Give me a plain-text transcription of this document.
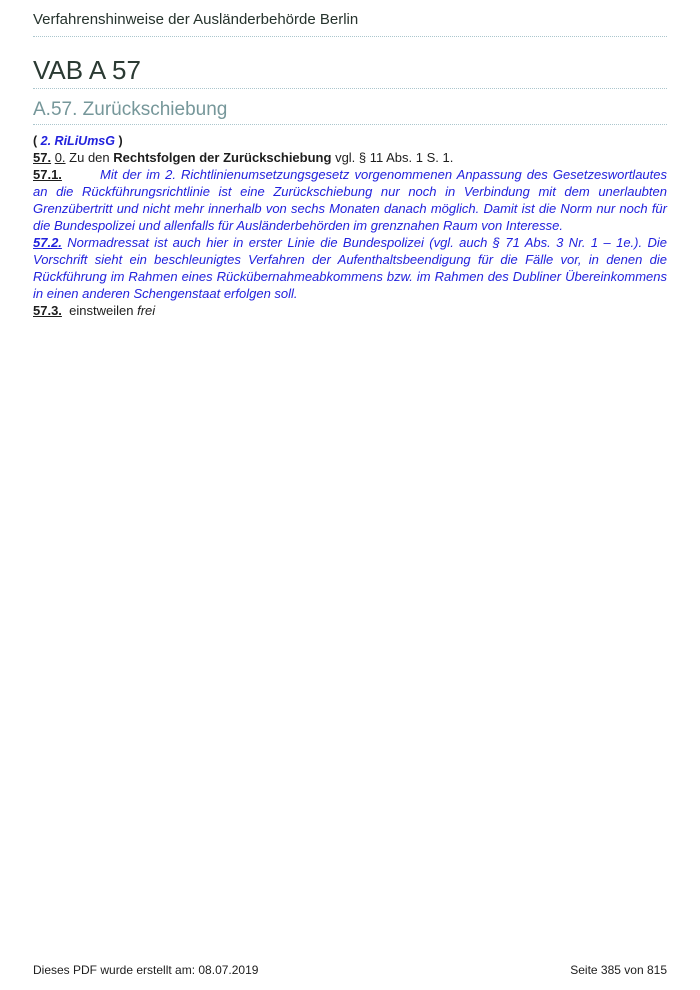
Verfahrenshinweise der Ausländerbehörde Berlin
VAB A 57
A.57. Zurückschiebung
( 2. RiLiUmsG )

57. 0. Zu den Rechtsfolgen der Zurückschiebung vgl. § 11 Abs. 1 S. 1.

57.1.	Mit der im 2. Richtlinienumsetzungsgesetz vorgenommenen Anpassung des Gesetzeswortlautes an die Rückführungsrichtlinie ist eine Zurückschiebung nur noch in Verbindung mit dem unerlaubten Grenzübertritt und nicht mehr innerhalb von sechs Monaten danach möglich. Damit ist die Norm nur noch für die Bundespolizei und allenfalls für Ausländerbehörden im grenznahen Raum von Interesse.

57.2. Normadressat ist auch hier in erster Linie die Bundespolizei (vgl. auch § 71 Abs. 3 Nr. 1 – 1e.). Die Vorschrift sieht ein beschleunigtes Verfahren der Aufenthaltsbeendigung für die Fälle vor, in denen die Rückführung im Rahmen eines Rückübernahmeabkommens bzw. im Rahmen des Dubliner Übereinkommens in einen anderen Schengenstaat erfolgen soll.

57.3. einstweilen frei

Dieses PDF wurde erstellt am: 08.07.2019	Seite 385 von 815
